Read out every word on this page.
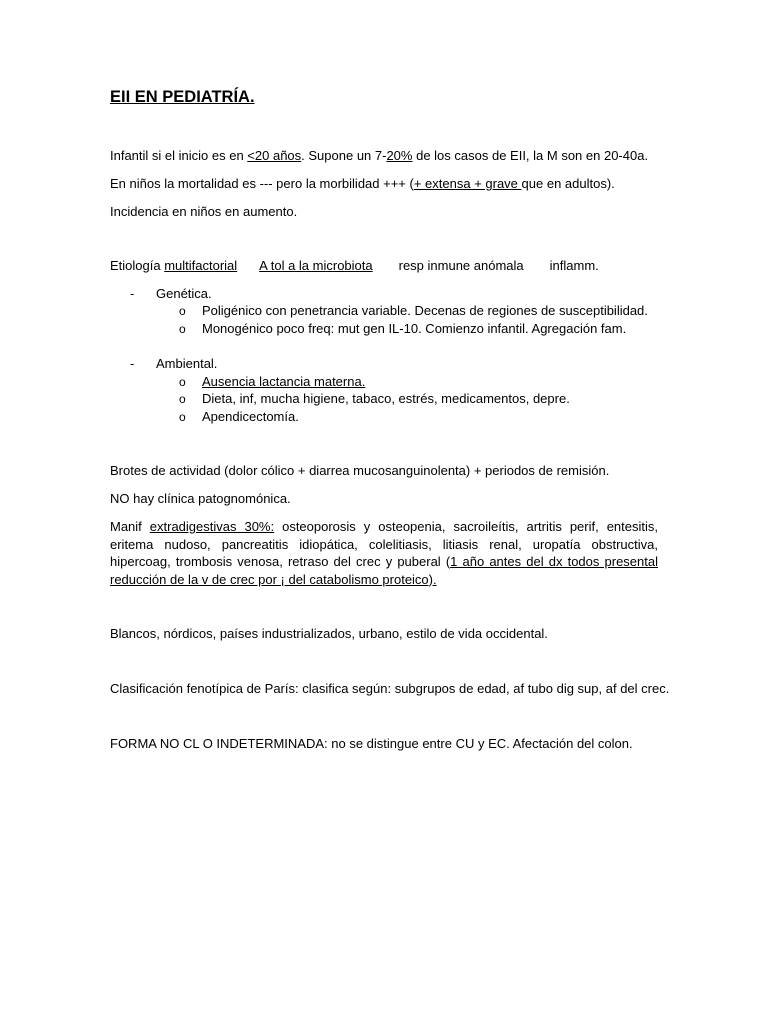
EII EN PEDIATRÍA.
Infantil si el inicio es en <20 años. Supone un 7-20% de los casos de EII, la M son en 20-40a.
En niños la mortalidad es --- pero la morbilidad +++ (+ extensa + grave que en adultos).
Incidencia en niños en aumento.
Etiología multifactorial A tol a la microbiota resp inmune anómala inflamm.
- Genética.
o Poligénico con penetrancia variable. Decenas de regiones de susceptibilidad.
o Monogénico poco freq: mut gen IL-10. Comienzo infantil. Agregación fam.
- Ambiental.
o Ausencia lactancia materna.
o Dieta, inf, mucha higiene, tabaco, estrés, medicamentos, depre.
o Apendicectomía.
Brotes de actividad (dolor cólico + diarrea mucosanguinolenta) + periodos de remisión.
NO hay clínica patognomónica.
Manif extradigestivas 30%: osteoporosis y osteopenia, sacroileítis, artritis perif, entesitis, eritema nudoso, pancreatitis idiopática, colelitiasis, litiasis renal, uropatía obstructiva, hipercoag, trombosis venosa, retraso del crec y puberal (1 año antes del dx todos presental reducción de la v de crec por ¡ del catabolismo proteico).
Blancos, nórdicos, países industrializados, urbano, estilo de vida occidental.
Clasificación fenotípica de París: clasifica según: subgrupos de edad, af tubo dig sup, af del crec.
FORMA NO CL O INDETERMINADA: no se distingue entre CU y EC. Afectación del colon.
